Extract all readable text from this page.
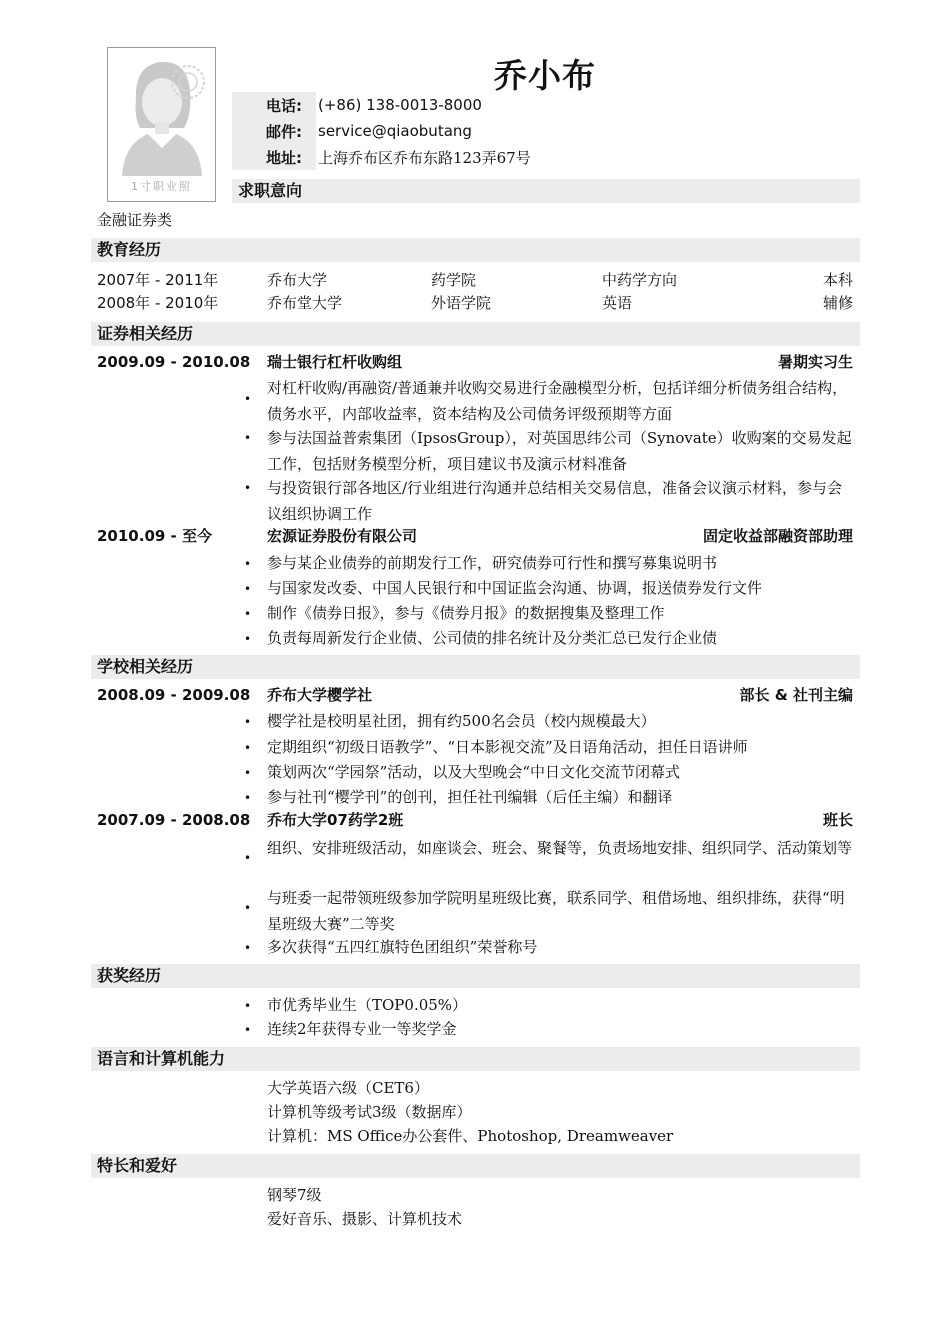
1寸职业照
乔小布
电话:	(+86) 138-0013-8000
邮件:	service@qiaobutang
地址:	上海乔布区乔布东路123弄67号
求职意向
金融证券类
教育经历
2007年 - 2011年	乔布大学	药学院	中药学方向	本科
2008年 - 2010年	乔布堂大学	外语学院	英语	辅修
证券相关经历
2009.09 - 2010.08 瑞士银行杠杆收购组	暑期实习生
•
对杠杆收购/再融资/普通兼并收购交易进行金融模型分析，包括详细分析债务组合结构，债务水平，内部收益率，资本结构及公司债务评级预期等方面
• 参与法国益普索集团（IpsosGroup），对英国思纬公司（Synovate）收购案的交易发起工作，包括财务模型分析，项目建议书及演示材料准备
• 与投资银行部各地区/行业组进行沟通并总结相关交易信息，准备会议演示材料，参与会议组织协调工作
2010.09 - 至今	宏源证券股份有限公司	固定收益部融资部助理
• 参与某企业债券的前期发行工作，研究债券可行性和撰写募集说明书
• 与国家发改委、中国人民银行和中国证监会沟通、协调，报送债券发行文件
• 制作《债券日报》，参与《债券月报》的数据搜集及整理工作
• 负责每周新发行企业债、公司债的排名统计及分类汇总已发行企业债
学校相关经历
2008.09 - 2009.08 乔布大学樱学社	部长 & 社刊主编
• 樱学社是校明星社团，拥有约500名会员（校内规模最大）
• 定期组织“初级日语教学”、“日本影视交流”及日语角活动，担任日语讲师
• 策划两次“学园祭”活动，以及大型晚会“中日文化交流节闭幕式
• 参与社刊“樱学刊”的创刊，担任社刊编辑（后任主编）和翻译
2007.09 - 2008.08 乔布大学07药学2班	班长
•
组织、安排班级活动，如座谈会、班会、聚餐等，负责场地安排、组织同学、活动策划等
•
与班委一起带领班级参加学院明星班级比赛，联系同学、租借场地、组织排练，获得“明星班级大赛”二等奖
• 多次获得“五四红旗特色团组织”荣誉称号
获奖经历
• 市优秀毕业生（TOP0.05%）
• 连续2年获得专业一等奖学金
语言和计算机能力
大学英语六级（CET6）
计算机等级考试3级（数据库）
计算机：MS Office办公套件、Photoshop, Dreamweaver
特长和爱好
钢琴7级
爱好音乐、摄影、计算机技术
